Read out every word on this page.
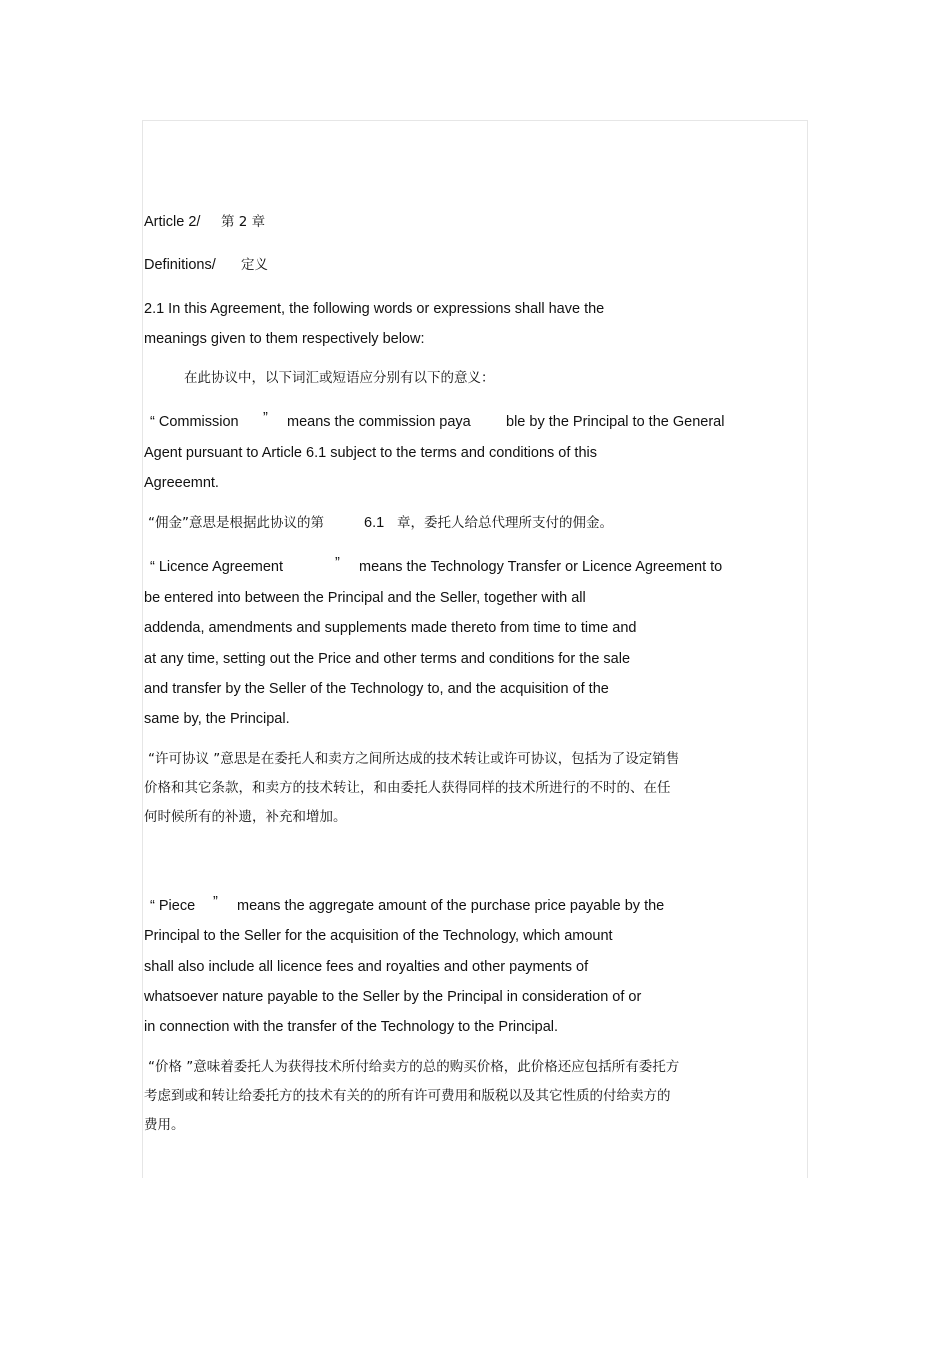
Article 2/ 第 2 章
Definitions/ 定义
2.1 In this Agreement, the following words or expressions shall have the
meanings given to them respectively below:
在此协议中，以下词汇或短语应分别有以下的意义：
“ Commission ” means the commission paya ble by the Principal to the General
Agent pursuant to Article 6.1 subject to the terms and conditions of this
Agreeemnt.
“佣金”意思是根据此协议的第	6.1 章，委托人给总代理所支付的佣金。
“ Licence Agreement	” means the Technology Transfer or Licence Agreement to
be entered into between the Principal and the Seller, together with all
addenda, amendments and supplements made thereto from time to time and
at any time, setting out the Price and other terms and conditions for the sale
and transfer by the Seller of the Technology to, and the acquisition of the
same by, the Principal.
“许可协议 ”意思是在委托人和卖方之间所达成的技术转让或许可协议，包括为了设定销售
价格和其它条款，和卖方的技术转让，和由委托人获得同样的技术所进行的不时的、在任
何时候所有的补遗，补充和增加。
“ Piece ” means the aggregate amount of the purchase price payable by the
Principal to the Seller for the acquisition of the Technology, which amount
shall also include all licence fees and royalties and other payments of
whatsoever nature payable to the Seller by the Principal in consideration of or
in connection with the transfer of the Technology to the Principal.
“价格 ”意味着委托人为获得技术所付给卖方的总的购买价格，此价格还应包括所有委托方
考虑到或和转让给委托方的技术有关的的所有许可费用和版税以及其它性质的付给卖方的
费用。
